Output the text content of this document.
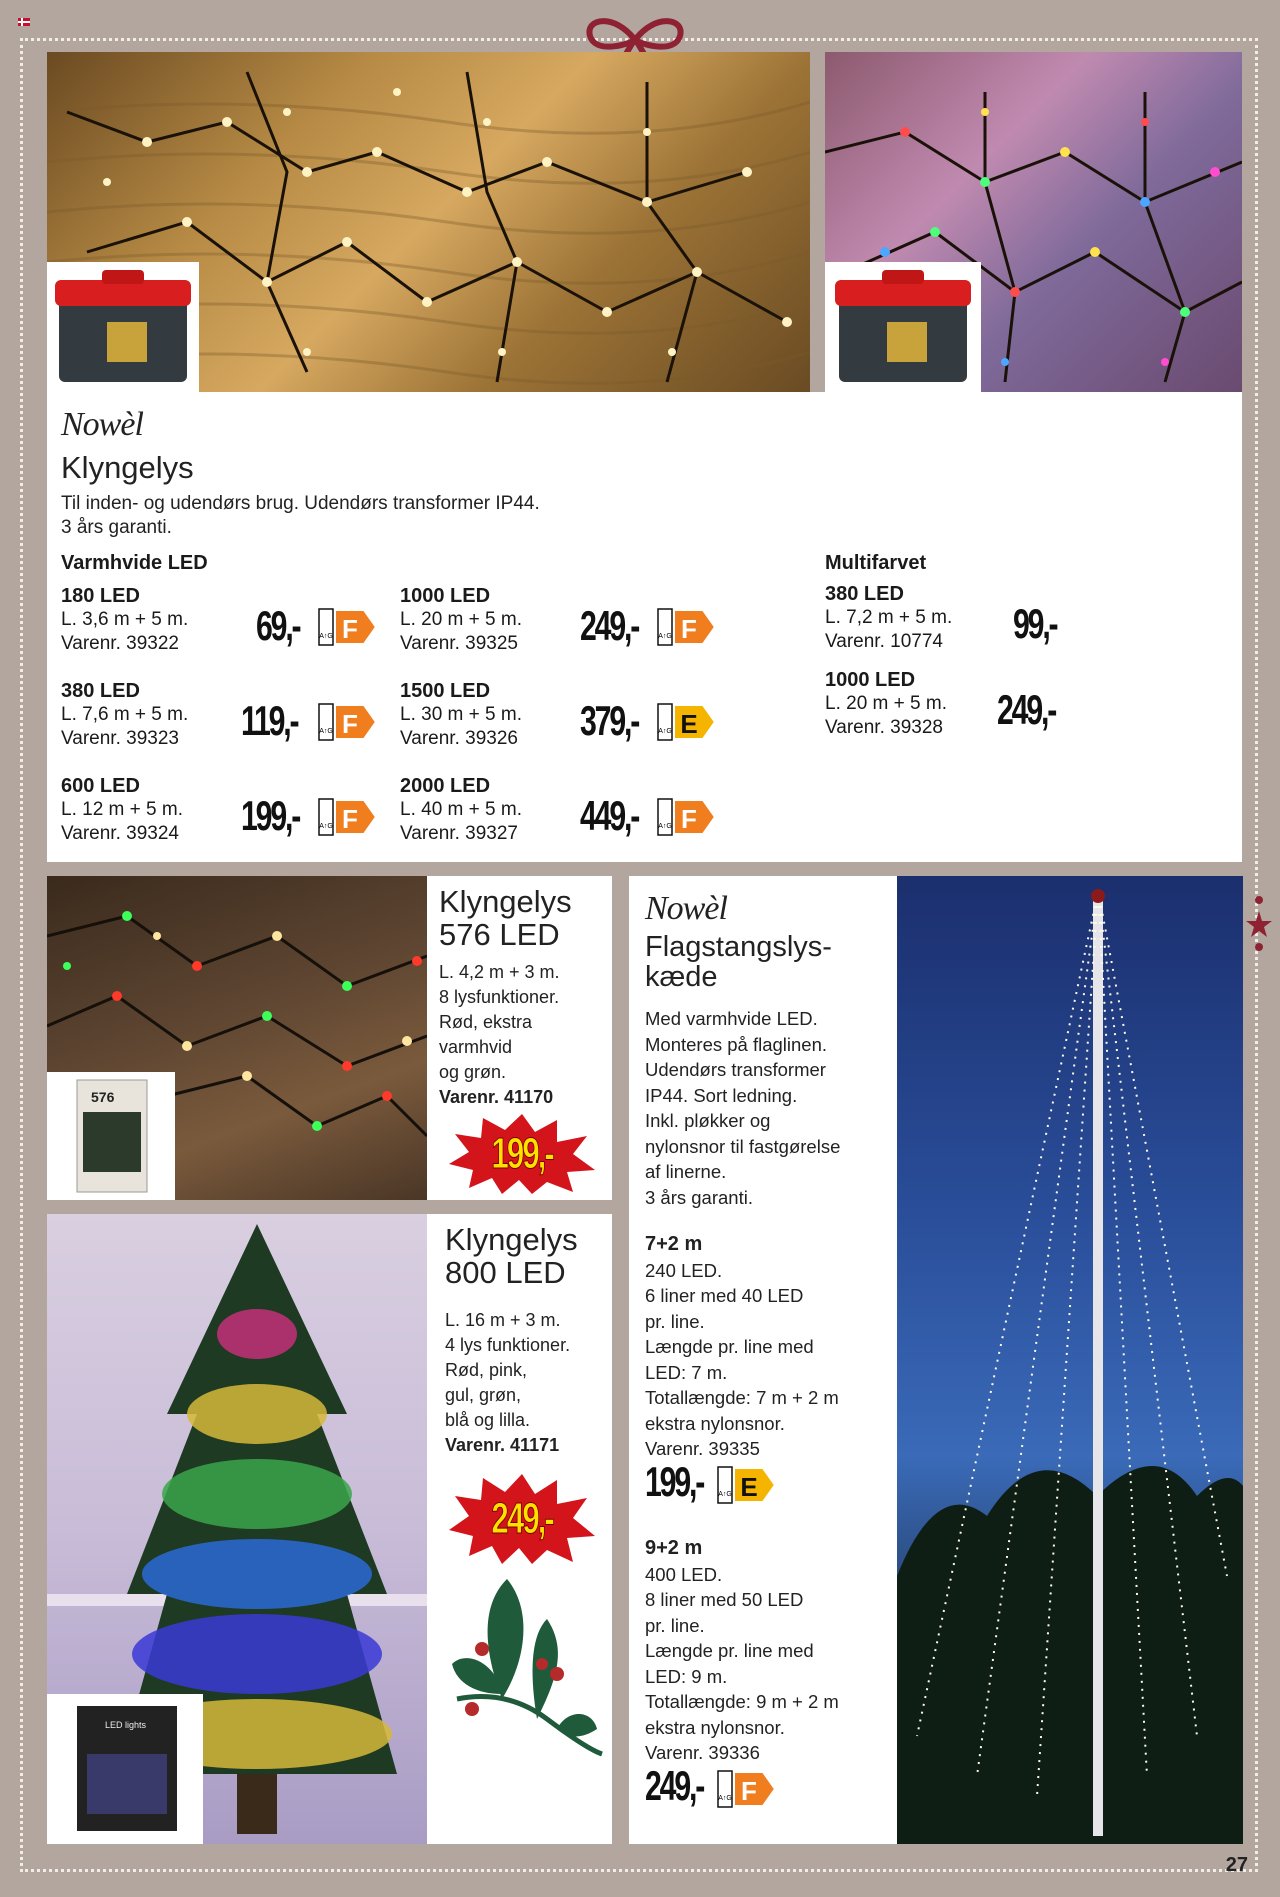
Nowèl
Klyngelys
Til inden- og udendørs brug. Udendørs transformer IP44.
3 års garanti.
Varmhvide LED	Multifarvet
180 LED
L. 3,6 m + 5 m.
Varenr. 39322	69,-	A↑G F
380 LED
L. 7,6 m + 5 m.
Varenr. 39323	119,-	A↑G F
600 LED
L. 12 m + 5 m.
Varenr. 39324	199,-	A↑G F
1000 LED
L. 20 m + 5 m.
Varenr. 39325	249,-	A↑G F
1500 LED
L. 30 m + 5 m.
Varenr. 39326	379,-	A↑G E
2000 LED
L. 40 m + 5 m.
Varenr. 39327	449,-	A↑G F
380 LED
L. 7,2 m + 5 m.
Varenr. 10774	99,-
1000 LED
L. 20 m + 5 m.
Varenr. 39328	249,-
576
Klyngelys
576 LED
L. 4,2 m + 3 m.
8 lysfunktioner.
Rød, ekstra
varmhvid
og grøn.
Varenr. 41170
199,-
LED lights
Klyngelys
800 LED
L. 16 m + 3 m.
4 lys funktioner.
Rød, pink,
gul, grøn,
blå og lilla.
Varenr. 41171
249,-
Nowèl
Flagstangslys-
kæde
Med varmhvide LED.
Monteres på flaglinen.
Udendørs transformer
IP44. Sort ledning.
Inkl. pløkker og
nylonsnor til fastgørelse
af linerne.
3 års garanti.
7+2 m
240 LED.
6 liner med 40 LED
pr. line.
Længde pr. line med
LED: 7 m.
Totallængde: 7 m + 2 m
ekstra nylonsnor.
Varenr. 39335
199,- A↑G E
9+2 m
400 LED.
8 liner med 50 LED
pr. line.
Længde pr. line med
LED: 9 m.
Totallængde: 9 m + 2 m
ekstra nylonsnor.
Varenr. 39336
249,- A↑G F
27
